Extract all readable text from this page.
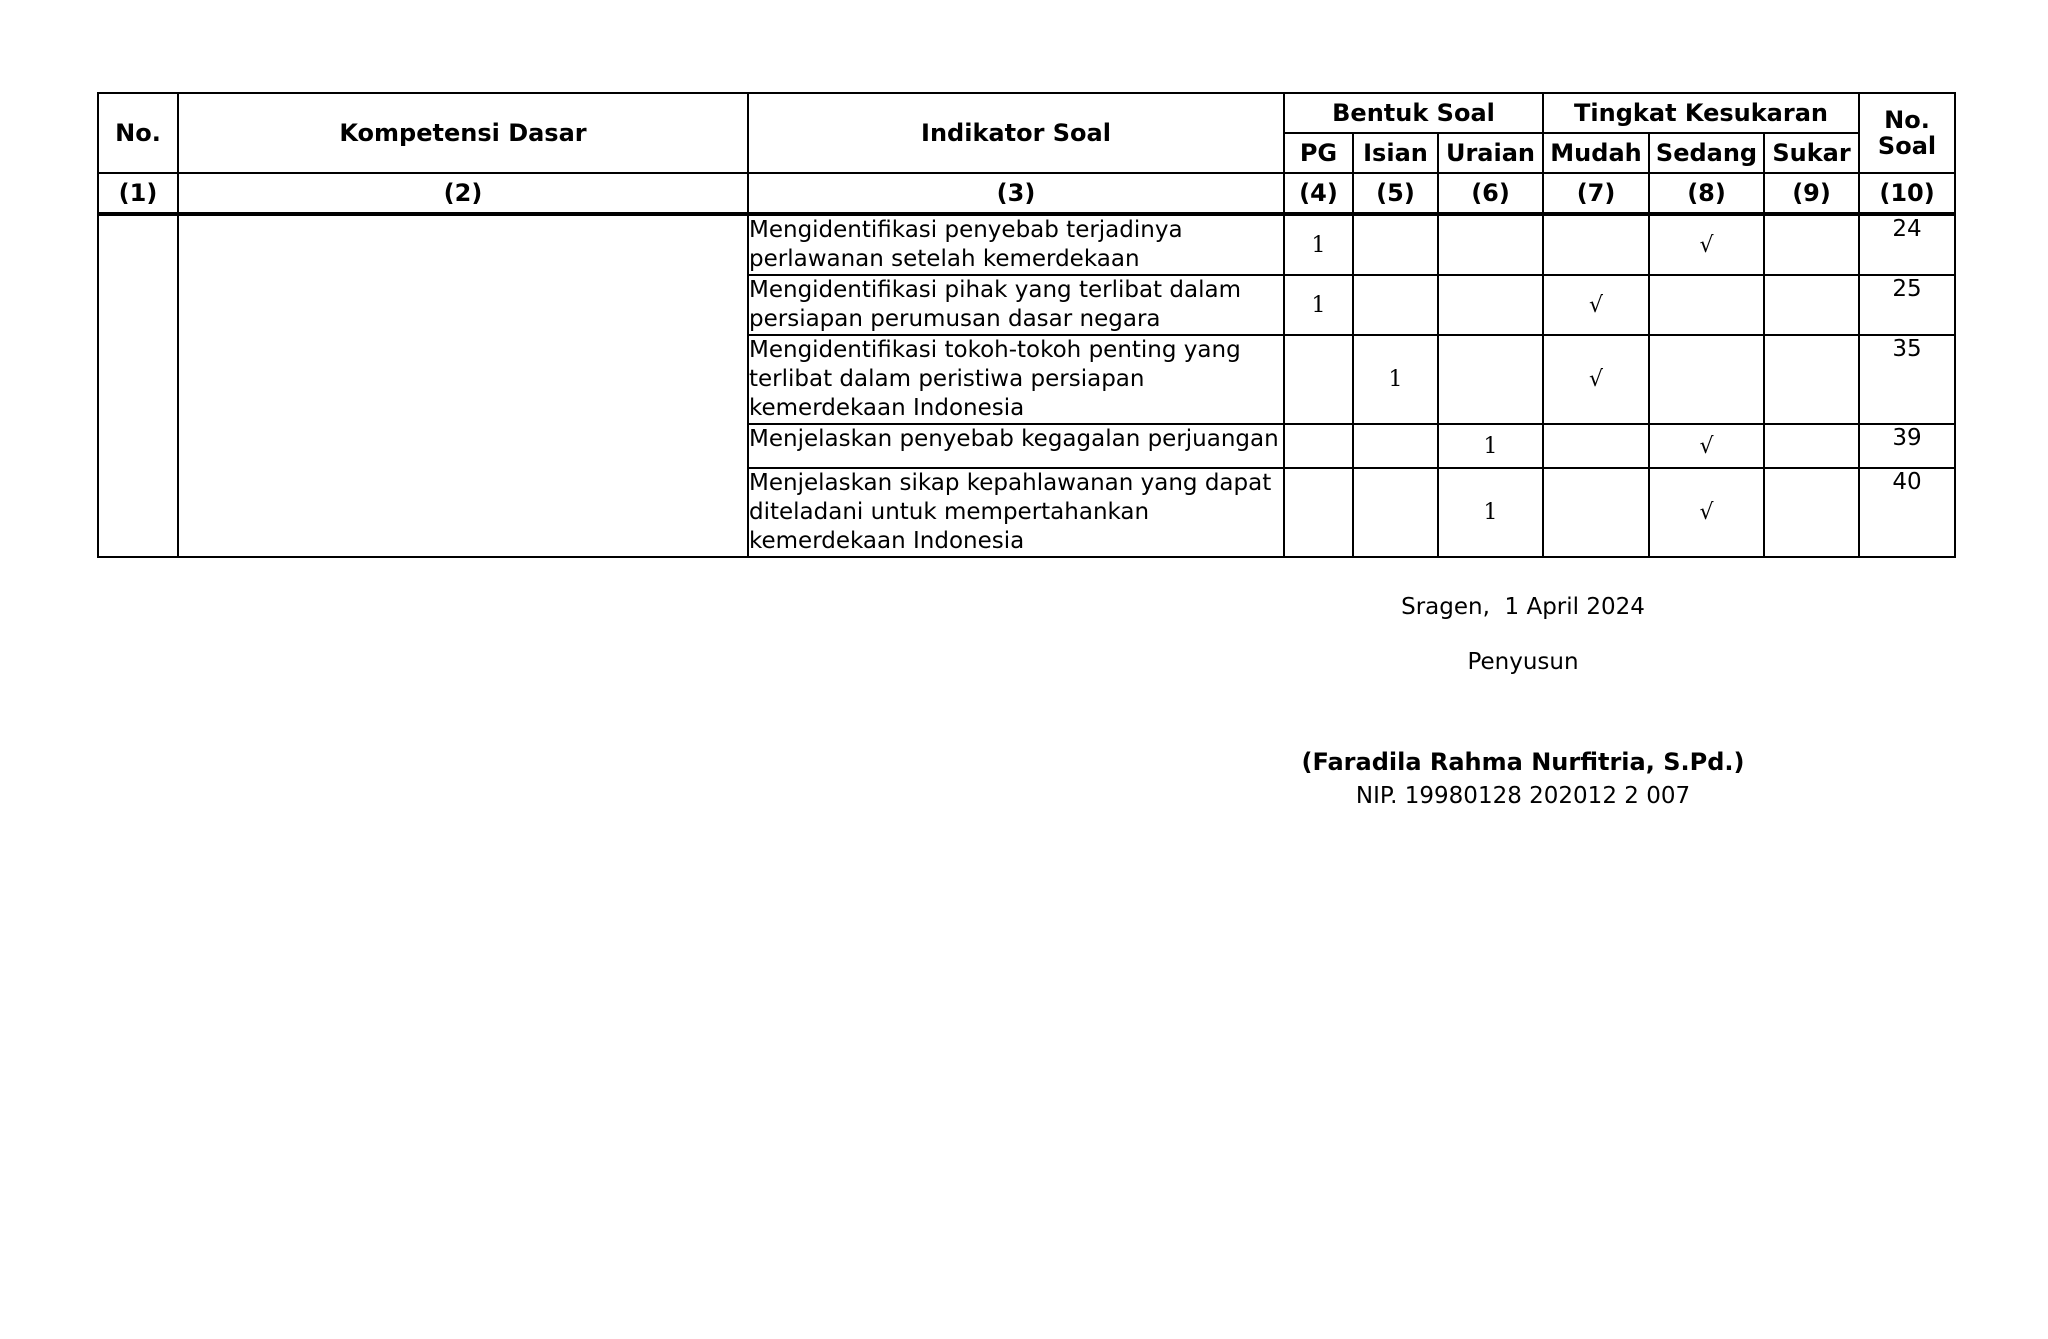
No.	Kompetensi Dasar	Indikator Soal	Bentuk Soal			Tingkat Kesukaran			No.
Soal
			PG	Isian	Uraian	Mudah	Sedang	Sukar	
(1)	(2)	(3)	(4)	(5)	(6)	(7)	(8)	(9)	(10)
		Mengidentifikasi penyebab terjadinya perlawanan setelah kemerdekaan	1				√		24
		Mengidentifikasi pihak yang terlibat dalam persiapan perumusan dasar negara	1			√			25
		Mengidentifikasi tokoh-tokoh penting yang terlibat dalam peristiwa persiapan kemerdekaan Indonesia		1		√			35
		Menjelaskan penyebab kegagalan perjuangan			1		√		39
		Menjelaskan sikap kepahlawanan yang dapat diteladani untuk mempertahankan kemerdekaan Indonesia			1		√		40
Sragen,  1 April 2024
Penyusun
(Faradila Rahma Nurfitria, S.Pd.)
NIP. 19980128 202012 2 007
